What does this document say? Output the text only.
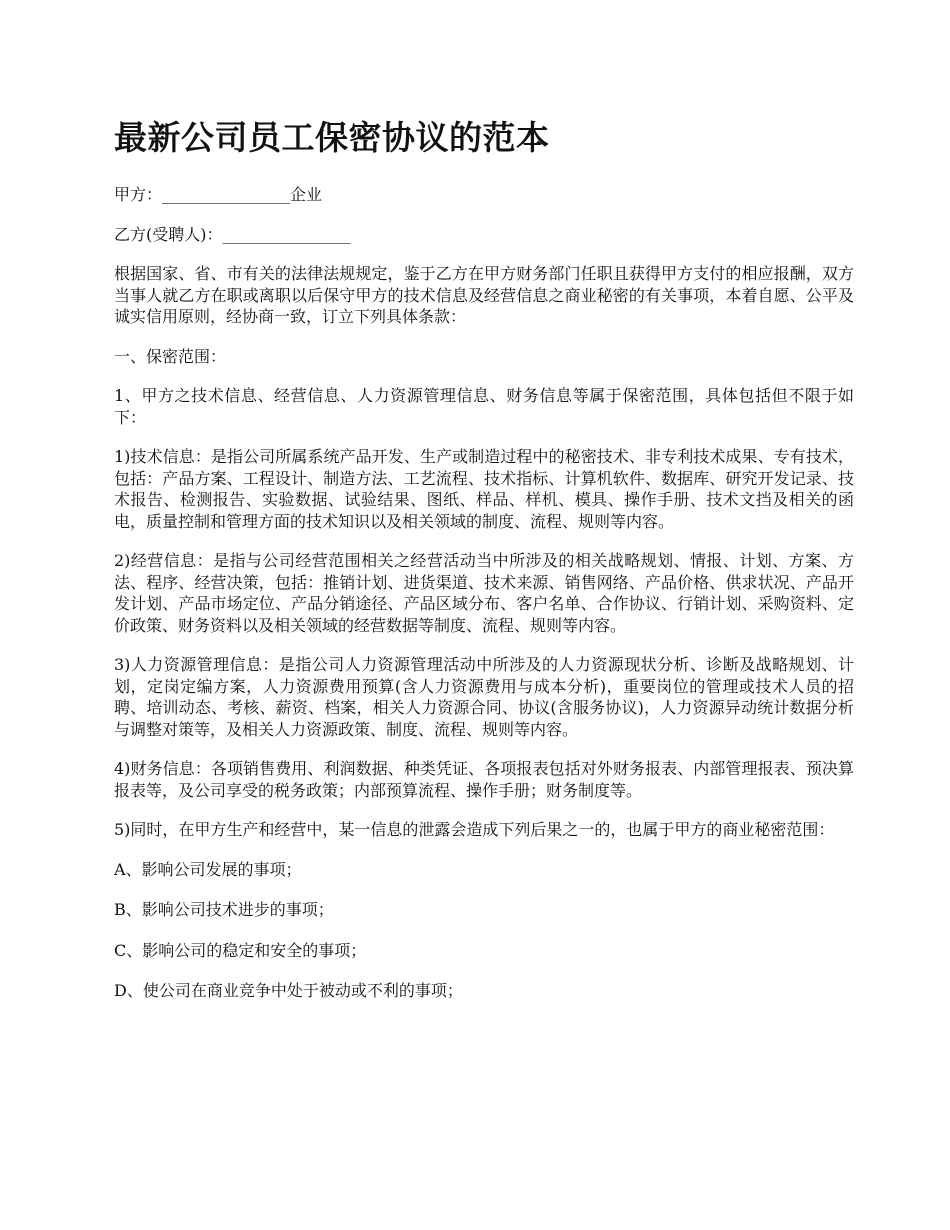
最新公司员工保密协议的范本

甲方：________________企业

乙方(受聘人)：________________

根据国家、省、市有关的法律法规规定，鉴于乙方在甲方财务部门任职且获得甲方支付的相应报酬，双方当事人就乙方在职或离职以后保守甲方的技术信息及经营信息之商业秘密的有关事项，本着自愿、公平及诚实信用原则，经协商一致，订立下列具体条款：

一、保密范围：

1、甲方之技术信息、经营信息、人力资源管理信息、财务信息等属于保密范围，具体包括但不限于如下：

1)技术信息：是指公司所属系统产品开发、生产或制造过程中的秘密技术、非专利技术成果、专有技术，包括：产品方案、工程设计、制造方法、工艺流程、技术指标、计算机软件、数据库、研究开发记录、技术报告、检测报告、实验数据、试验结果、图纸、样品、样机、模具、操作手册、技术文挡及相关的函电，质量控制和管理方面的技术知识以及相关领域的制度、流程、规则等内容。

2)经营信息：是指与公司经营范围相关之经营活动当中所涉及的相关战略规划、情报、计划、方案、方法、程序、经营决策，包括：推销计划、进货渠道、技术来源、销售网络、产品价格、供求状况、产品开发计划、产品市场定位、产品分销途径、产品区域分布、客户名单、合作协议、行销计划、采购资料、定价政策、财务资料以及相关领域的经营数据等制度、流程、规则等内容。

3)人力资源管理信息：是指公司人力资源管理活动中所涉及的人力资源现状分析、诊断及战略规划、计划，定岗定编方案，人力资源费用预算(含人力资源费用与成本分析)，重要岗位的管理或技术人员的招聘、培训动态、考核、薪资、档案，相关人力资源合同、协议(含服务协议)，人力资源异动统计数据分析与调整对策等，及相关人力资源政策、制度、流程、规则等内容。

4)财务信息：各项销售费用、利润数据、种类凭证、各项报表包括对外财务报表、内部管理报表、预决算报表等，及公司享受的税务政策；内部预算流程、操作手册；财务制度等。

5)同时，在甲方生产和经营中，某一信息的泄露会造成下列后果之一的，也属于甲方的商业秘密范围：

A、影响公司发展的事项；

B、影响公司技术进步的事项；

C、影响公司的稳定和安全的事项；

D、使公司在商业竞争中处于被动或不利的事项；
